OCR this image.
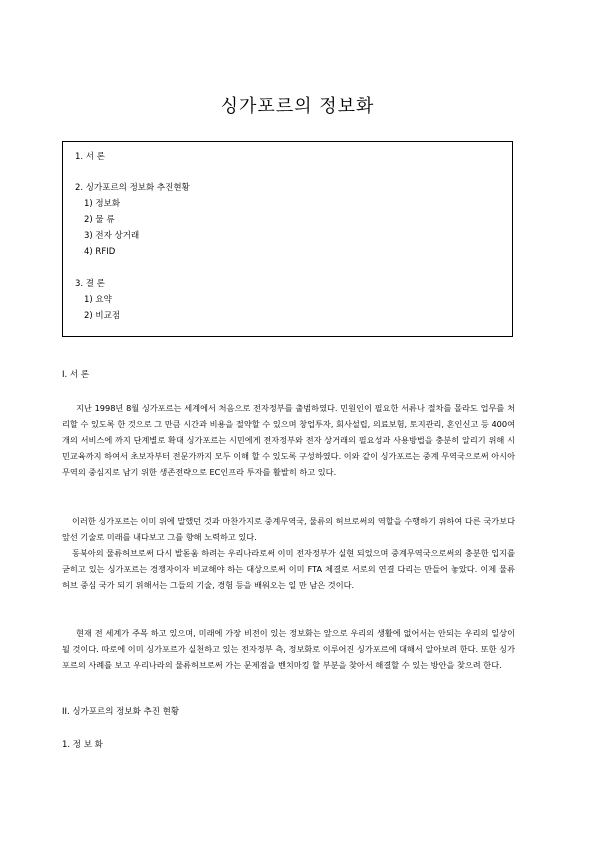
싱가포르의 정보화
1. 서 론
2. 싱가포르의 정보화 추진현황
1) 정보화
2) 물 류
3) 전자 상거래
4) RFID
3. 결 론
1) 요약
2) 비교점
I. 서 론

지난 1998년 8월 싱가포르는 세계에서 처음으로 전자정부를 출범하였다. 민원인이 필요한 서류나 절차를 몰라도 업무를 처리할 수 있도록 한 것으로 그 만큼 시간과 비용을 절약할 수 있으며 창업투자, 회사설립, 의료보험, 토지관리, 혼인신고 등 400여개의 서비스에 까지 단계별로 확대 싱가포르는 시민에게 전자정부와 전자 상거래의 필요성과 사용방법을 충분히 알리기 위해 시민교육까지 하여서 초보자부터 전문가까지 모두 이해 할 수 있도록 구성하였다. 이와 같이 싱가포르는 중계 무역국으로써 아시아 무역의 중심지로 남기 위한 생존전략으로 EC인프라 투자를 활발히 하고 있다.

이러한 싱가포르는 이미 위에 말했던 것과 마찬가지로 중계무역국, 물류의 허브로써의 역할을 수행하기 위하여 다른 국가보다 앞선 기술로 미래를 내다보고 그를 향해 노력하고 있다.

동북아의 물류허브로써 다시 발돋움 하려는 우리나라로써 이미 전자정부가 실현 되었으며 중계무역국으로써의 충분한 입지를 굳히고 있는 싱가포르는 경쟁자이자 비교해야 하는 대상으로써 이미 FTA 체결로 서로의 연결 다리는 만들어 놓았다. 이제 물류허브 중심 국가 되기 위해서는 그들의 기술, 경험 등을 배워오는 일 만 남은 것이다.

현재 전 세계가 주목 하고 있으며, 미래에 가장 비전이 있는 정보화는 앞으로 우리의 생활에 없어서는 안되는 우리의 일상이 될 것이다. 따로에 이미 싱가포르가 실천하고 있는 전자정부 측, 정보화로 이루어진 싱가포르에 대해서 알아보려 한다. 또한 싱가포르의 사례를 보고 우리나라의 물류허브로써 가는 문제점을 벤치마킹 할 부분을 찾아서 해결할 수 있는 방안을 찾으려 한다.

II. 싱가포르의 정보화 추진 현황
1. 정 보 화
